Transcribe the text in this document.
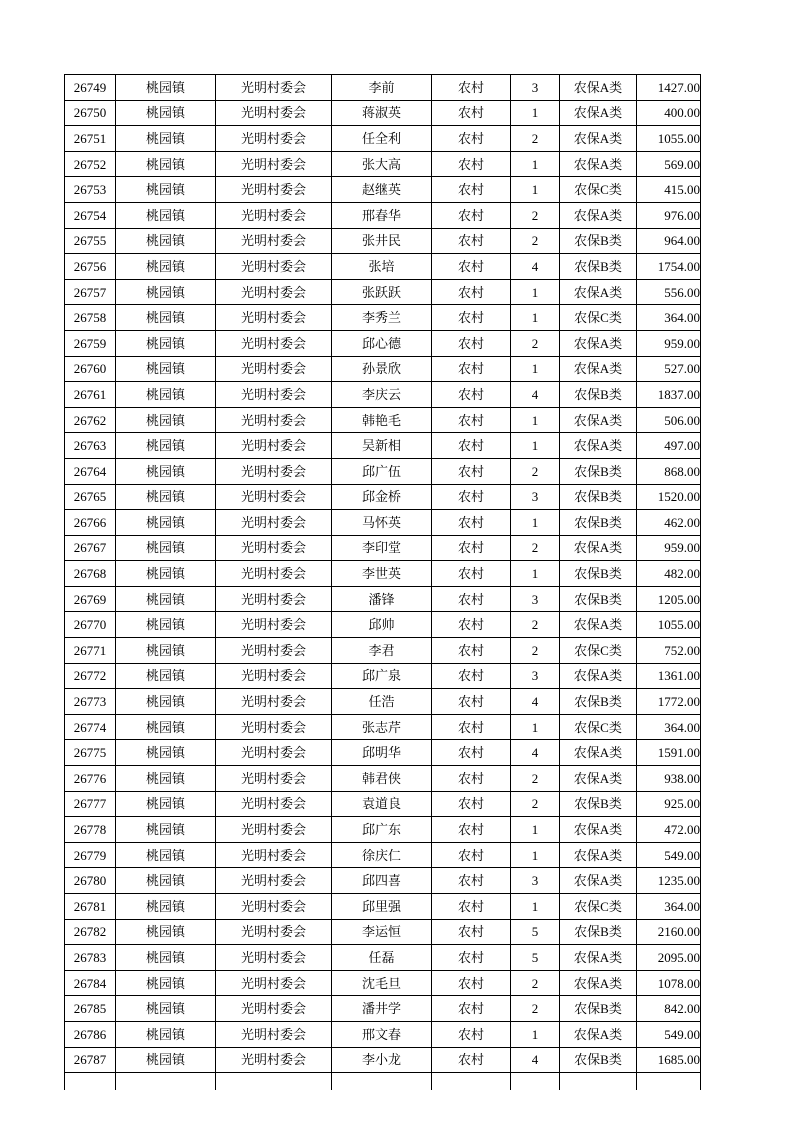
26749	桃园镇	光明村委会	李前	农村	3	农保A类	1427.00
26750	桃园镇	光明村委会	蒋淑英	农村	1	农保A类	400.00
26751	桃园镇	光明村委会	任全利	农村	2	农保A类	1055.00
26752	桃园镇	光明村委会	张大高	农村	1	农保A类	569.00
26753	桃园镇	光明村委会	赵继英	农村	1	农保C类	415.00
26754	桃园镇	光明村委会	邢春华	农村	2	农保A类	976.00
26755	桃园镇	光明村委会	张井民	农村	2	农保B类	964.00
26756	桃园镇	光明村委会	张培	农村	4	农保B类	1754.00
26757	桃园镇	光明村委会	张跃跃	农村	1	农保A类	556.00
26758	桃园镇	光明村委会	李秀兰	农村	1	农保C类	364.00
26759	桃园镇	光明村委会	邱心德	农村	2	农保A类	959.00
26760	桃园镇	光明村委会	孙景欣	农村	1	农保A类	527.00
26761	桃园镇	光明村委会	李庆云	农村	4	农保B类	1837.00
26762	桃园镇	光明村委会	韩艳毛	农村	1	农保A类	506.00
26763	桃园镇	光明村委会	吴新相	农村	1	农保A类	497.00
26764	桃园镇	光明村委会	邱广伍	农村	2	农保B类	868.00
26765	桃园镇	光明村委会	邱金桥	农村	3	农保B类	1520.00
26766	桃园镇	光明村委会	马怀英	农村	1	农保B类	462.00
26767	桃园镇	光明村委会	李印堂	农村	2	农保A类	959.00
26768	桃园镇	光明村委会	李世英	农村	1	农保B类	482.00
26769	桃园镇	光明村委会	潘锋	农村	3	农保B类	1205.00
26770	桃园镇	光明村委会	邱帅	农村	2	农保A类	1055.00
26771	桃园镇	光明村委会	李君	农村	2	农保C类	752.00
26772	桃园镇	光明村委会	邱广泉	农村	3	农保A类	1361.00
26773	桃园镇	光明村委会	任浩	农村	4	农保B类	1772.00
26774	桃园镇	光明村委会	张志芹	农村	1	农保C类	364.00
26775	桃园镇	光明村委会	邱明华	农村	4	农保A类	1591.00
26776	桃园镇	光明村委会	韩君侠	农村	2	农保A类	938.00
26777	桃园镇	光明村委会	袁道良	农村	2	农保B类	925.00
26778	桃园镇	光明村委会	邱广东	农村	1	农保A类	472.00
26779	桃园镇	光明村委会	徐庆仁	农村	1	农保A类	549.00
26780	桃园镇	光明村委会	邱四喜	农村	3	农保A类	1235.00
26781	桃园镇	光明村委会	邱里强	农村	1	农保C类	364.00
26782	桃园镇	光明村委会	李运恒	农村	5	农保B类	2160.00
26783	桃园镇	光明村委会	任磊	农村	5	农保A类	2095.00
26784	桃园镇	光明村委会	沈毛旦	农村	2	农保A类	1078.00
26785	桃园镇	光明村委会	潘井学	农村	2	农保B类	842.00
26786	桃园镇	光明村委会	邢文春	农村	1	农保A类	549.00
26787	桃园镇	光明村委会	李小龙	农村	4	农保B类	1685.00
